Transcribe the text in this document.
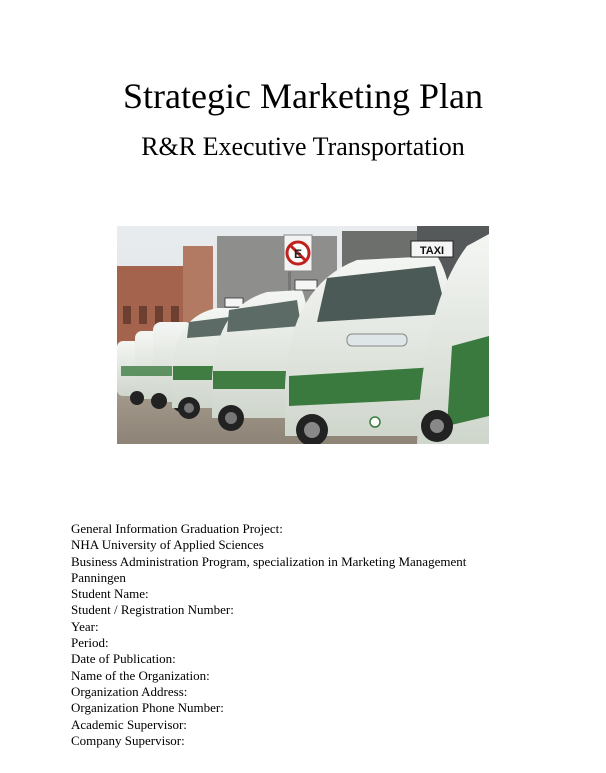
Strategic Marketing Plan
R&R Executive Transportation
E	TAXI
General Information Graduation Project:
NHA University of Applied Sciences
Business Administration Program, specialization in Marketing Management
Panningen
Student Name:
Student / Registration Number:
Year:
Period:
Date of Publication:
Name of the Organization:
Organization Address:
Organization Phone Number:
Academic Supervisor:
Company Supervisor:
